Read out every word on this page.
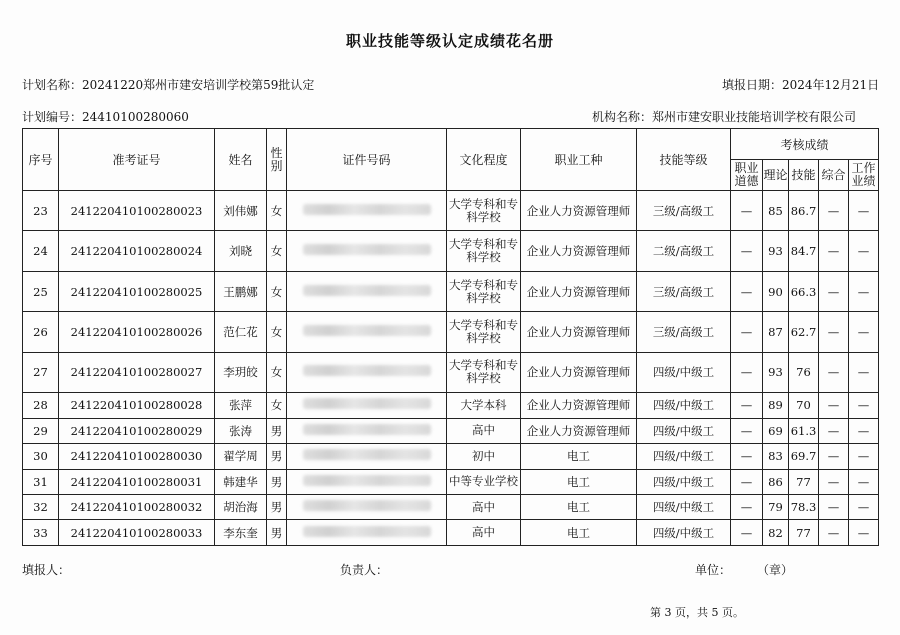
职业技能等级认定成绩花名册
计划名称：20241220郑州市建安培训学校第59批认定	填报日期：2024年12月21日
计划编号：24410100280060	机构名称：郑州市建安职业技能培训学校有限公司
序号	准考证号	姓名	性别	证件号码	文化程度	职业工种	技能等级	考核成绩				
								职业道德	理论	技能	综合	工作业绩
23	241220410100280023	刘伟娜	女		大学专科和专科学校	企业人力资源管理师	三级/高级工	—	85	86.7	—	—
24	241220410100280024	刘晓	女		大学专科和专科学校	企业人力资源管理师	二级/高级工	—	93	84.7	—	—
25	241220410100280025	王鹏娜	女		大学专科和专科学校	企业人力资源管理师	三级/高级工	—	90	66.3	—	—
26	241220410100280026	范仁花	女		大学专科和专科学校	企业人力资源管理师	三级/高级工	—	87	62.7	—	—
27	241220410100280027	李玥皎	女		大学专科和专科学校	企业人力资源管理师	四级/中级工	—	93	76	—	—
28	241220410100280028	张萍	女		大学本科	企业人力资源管理师	四级/中级工	—	89	70	—	—
29	241220410100280029	张涛	男		高中	企业人力资源管理师	四级/中级工	—	69	61.3	—	—
30	241220410100280030	翟学周	男		初中	电工	四级/中级工	—	83	69.7	—	—
31	241220410100280031	韩建华	男		中等专业学校	电工	四级/中级工	—	86	77	—	—
32	241220410100280032	胡治海	男		高中	电工	四级/中级工	—	79	78.3	—	—
33	241220410100280033	李东奎	男		高中	电工	四级/中级工	—	82	77	—	—
填报人：	负责人：	单位： （章）
第 3 页，共 5 页。
